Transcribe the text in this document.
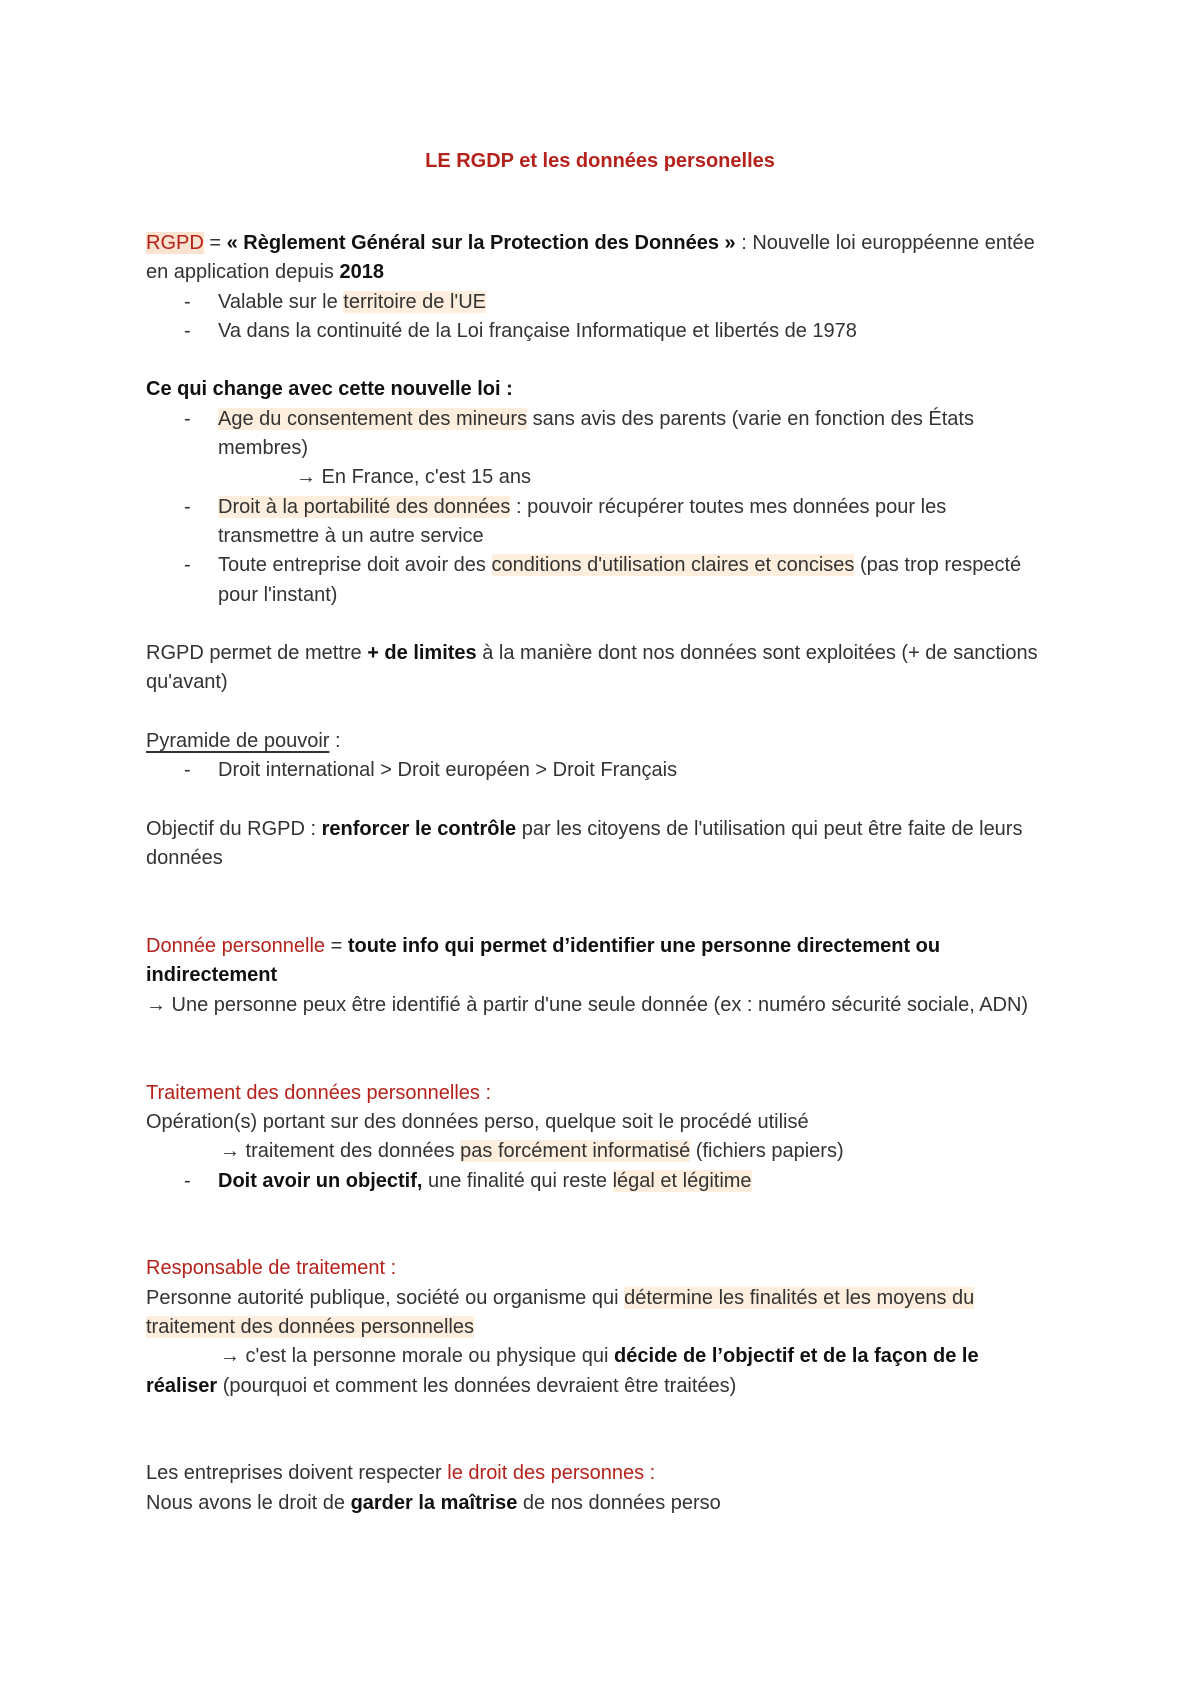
LE RGDP et les données personelles

RGPD = « Règlement Général sur la Protection des Données » : Nouvelle loi europpéenne entée en application depuis 2018

- Valable sur le territoire de l'UE
- Va dans la continuité de la Loi française Informatique et libertés de 1978

Ce qui change avec cette nouvelle loi :

- Age du consentement des mineurs sans avis des parents (varie en fonction des États membres)

→ En France, c'est 15 ans

- Droit à la portabilité des données : pouvoir récupérer toutes mes données pour les transmettre à un autre service
- Toute entreprise doit avoir des conditions d'utilisation claires et concises (pas trop respecté pour l'instant)

RGPD permet de mettre + de limites à la manière dont nos données sont exploitées (+ de sanctions qu'avant)

Pyramide de pouvoir :

- Droit international > Droit européen > Droit Français

Objectif du RGPD : renforcer le contrôle par les citoyens de l'utilisation qui peut être faite de leurs données

Donnée personnelle = toute info qui permet d’identifier une personne directement ou indirectement

→ Une personne peux être identifié à partir d'une seule donnée (ex : numéro sécurité sociale, ADN)

Traitement des données personnelles :

Opération(s) portant sur des données perso, quelque soit le procédé utilisé

→ traitement des données pas forcément informatisé (fichiers papiers)

- Doit avoir un objectif, une finalité qui reste légal et légitime

Responsable de traitement :

Personne autorité publique, société ou organisme qui détermine les finalités et les moyens du traitement des données personnelles

→ c'est la personne morale ou physique qui décide de l’objectif et de la façon de le réaliser (pourquoi et comment les données devraient être traitées)

Les entreprises doivent respecter le droit des personnes :

Nous avons le droit de garder la maîtrise de nos données perso
